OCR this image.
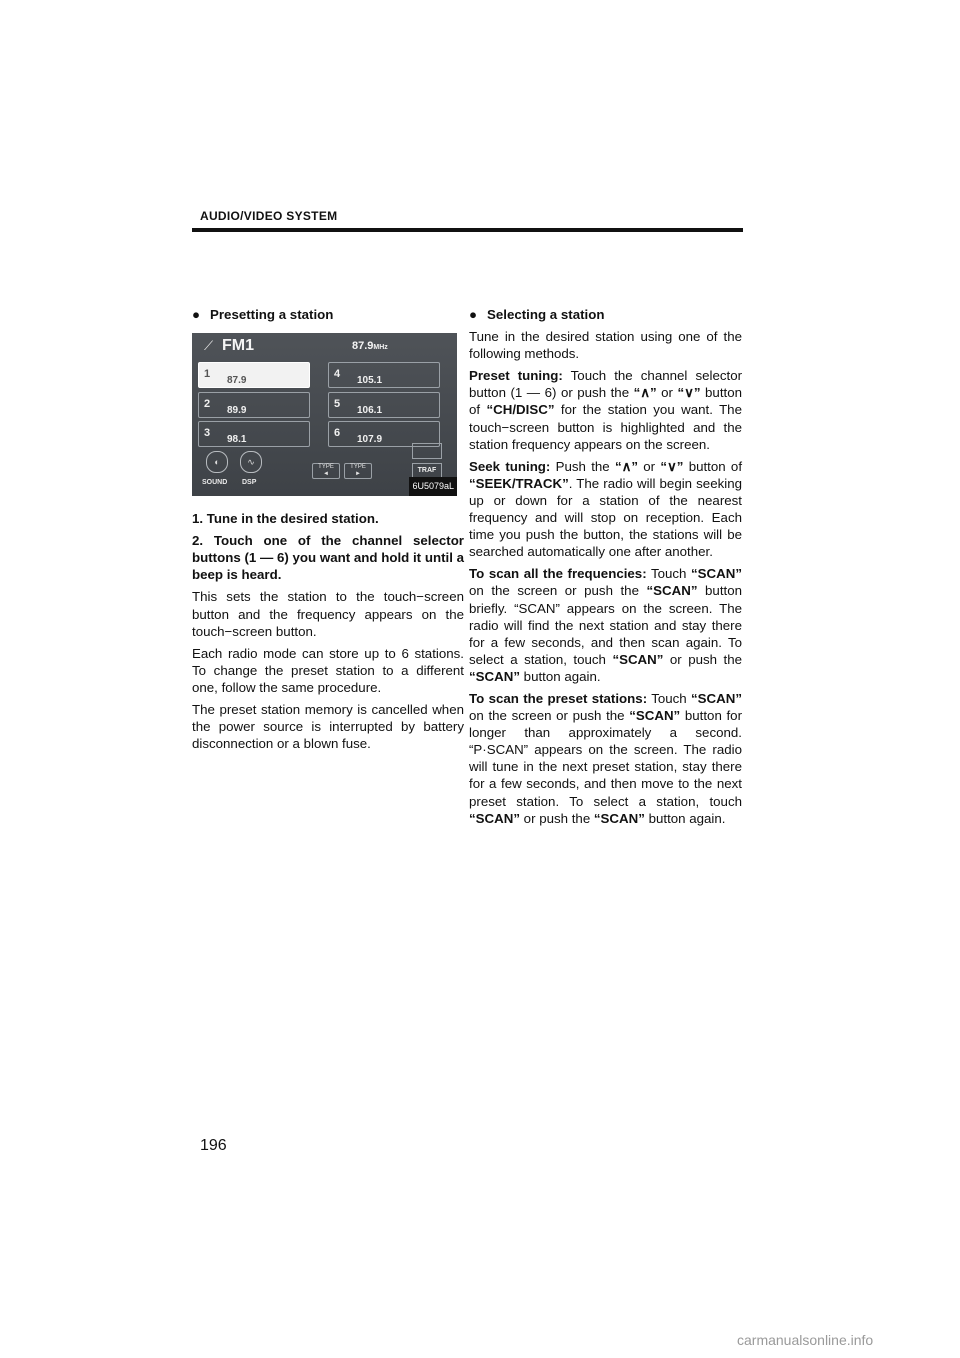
AUDIO/VIDEO SYSTEM
● Presetting a station
⟋ FM1	87.9MHz
1
87.9
2
89.9
3
98.1
4
105.1
5
106.1
6
107.9
◐
SOUND
∿
DSP
TYPE
◄
TYPE
►	TRAF
6U5079aL
1. Tune in the desired station.
2. Touch one of the channel selector buttons (1 — 6) you want and hold it until a beep is heard.

This sets the station to the touch−screen button and the frequency appears on the touch−screen button.

Each radio mode can store up to 6 stations. To change the preset station to a different one, follow the same procedure.

The preset station memory is cancelled when the power source is interrupted by battery disconnection or a blown fuse.

● Selecting a station

Tune in the desired station using one of the following methods.

Preset tuning: Touch the channel selector button (1 — 6) or push the “∧” or “∨” button of “CH/DISC” for the station you want. The touch−screen button is highlighted and the station frequency appears on the screen.

Seek tuning: Push the “∧” or “∨” button of “SEEK/TRACK”. The radio will begin seeking up or down for a station of the nearest frequency and will stop on reception. Each time you push the button, the stations will be searched automatically one after another.

To scan all the frequencies: Touch “SCAN” on the screen or push the “SCAN” button briefly. “SCAN” appears on the screen. The radio will find the next station and stay there for a few seconds, and then scan again. To select a station, touch “SCAN” or push the “SCAN” button again.

To scan the preset stations: Touch “SCAN” on the screen or push the “SCAN” button for longer than approximately a second. “P·SCAN” appears on the screen. The radio will tune in the next preset station, stay there for a few seconds, and then move to the next preset station. To select a station, touch “SCAN” or push the “SCAN” button again.

196
carmanualsonline.info
